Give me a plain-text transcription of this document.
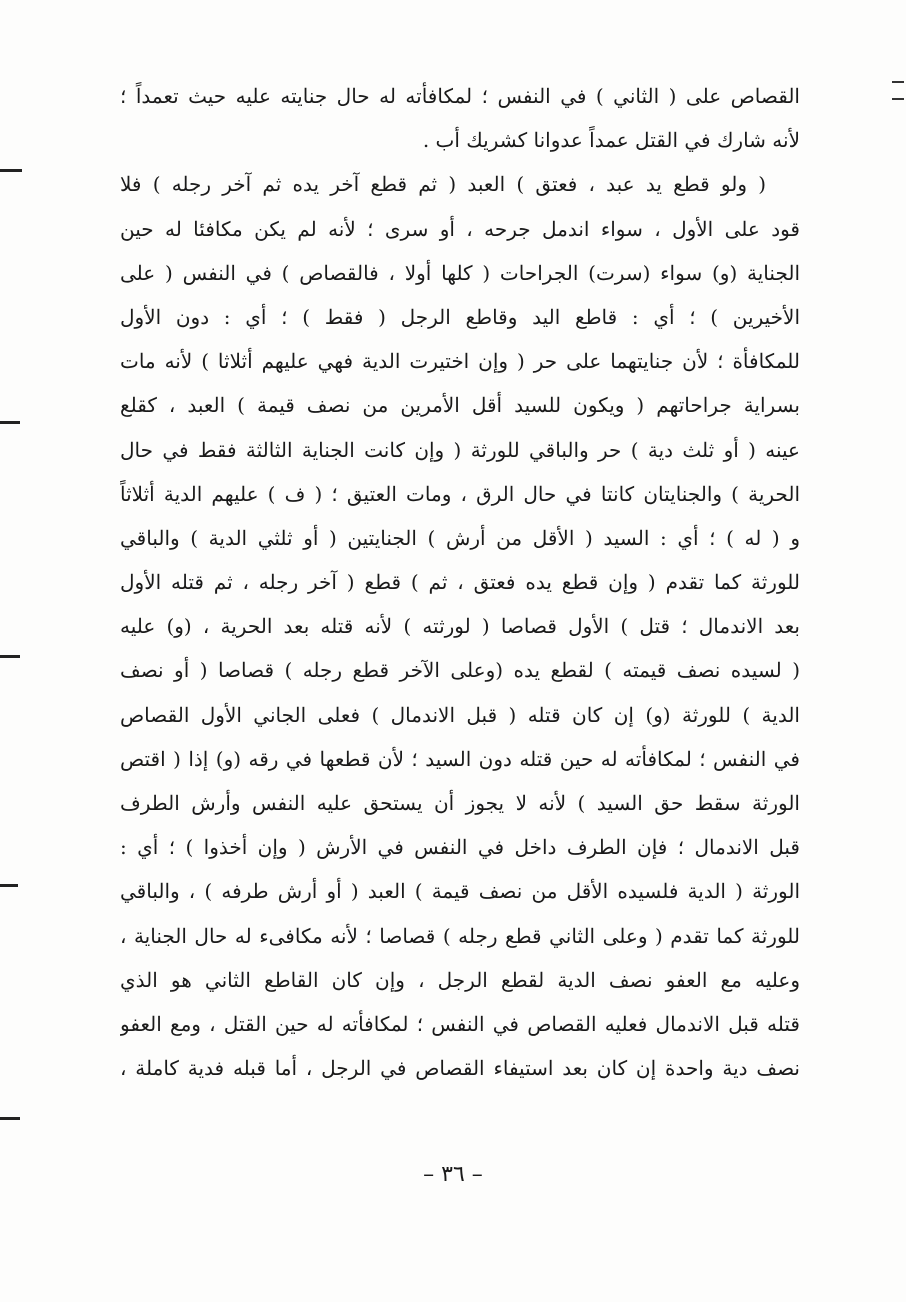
القصاص على ( الثاني ) في النفس ؛ لمكافأته له حال جنايته عليه حيث تعمداً ؛
لأنه شارك في القتل عمداً عدوانا كشريك أب .
( ولو قطع يد عبد ، فعتق ) العبد ( ثم قطع آخر يده ثم آخر رجله ) فلا
قود على الأول ، سواء اندمل جرحه ، أو سرى ؛ لأنه لم يكن مكافئا له حين
الجناية (و) سواء (سرت) الجراحات ( كلها أولا ، فالقصاص ) في النفس ( على
الأخيرين ) ؛ أي : قاطع اليد وقاطع الرجل ( فقط ) ؛ أي : دون الأول
للمكافأة ؛ لأن جنايتهما على حر ( وإن اختيرت الدية فهي عليهم أثلاثا ) لأنه مات
بسراية جراحاتهم ( ويكون للسيد أقل الأمرين من نصف قيمة ) العبد ، كقلع
عينه ( أو ثلث دية ) حر والباقي للورثة ( وإن كانت الجناية الثالثة فقط في حال
الحرية ) والجنايتان كانتا في حال الرق ، ومات العتيق ؛ ( ف ) عليهم الدية أثلاثاً
و ( له ) ؛ أي : السيد ( الأقل من أرش ) الجنايتين ( أو ثلثي الدية ) والباقي
للورثة كما تقدم ( وإن قطع يده فعتق ، ثم ) قطع ( آخر رجله ، ثم قتله الأول
بعد الاندمال ؛ قتل ) الأول قصاصا ( لورثته ) لأنه قتله بعد الحرية ، (و) عليه
( لسيده نصف قيمته ) لقطع يده (وعلى الآخر قطع رجله ) قصاصا ( أو نصف
الدية ) للورثة (و) إن كان قتله ( قبل الاندمال ) فعلى الجاني الأول القصاص
في النفس ؛ لمكافأته له حين قتله دون السيد ؛ لأن قطعها في رقه (و) إذا ( اقتص
الورثة سقط حق السيد ) لأنه لا يجوز أن يستحق عليه النفس وأرش الطرف
قبل الاندمال ؛ فإن الطرف داخل في النفس في الأرش ( وإن أخذوا ) ؛ أي :
الورثة ( الدية فلسيده الأقل من نصف قيمة ) العبد ( أو أرش طرفه ) ، والباقي
للورثة كما تقدم ( وعلى الثاني قطع رجله ) قصاصا ؛ لأنه مكافىء له حال الجناية ،
وعليه مع العفو نصف الدية لقطع الرجل ، وإن كان القاطع الثاني هو الذي
قتله قبل الاندمال فعليه القصاص في النفس ؛ لمكافأته له حين القتل ، ومع العفو
نصف دية واحدة إن كان بعد استيفاء القصاص في الرجل ، أما قبله فدية كاملة ،
– ٣٦ –
